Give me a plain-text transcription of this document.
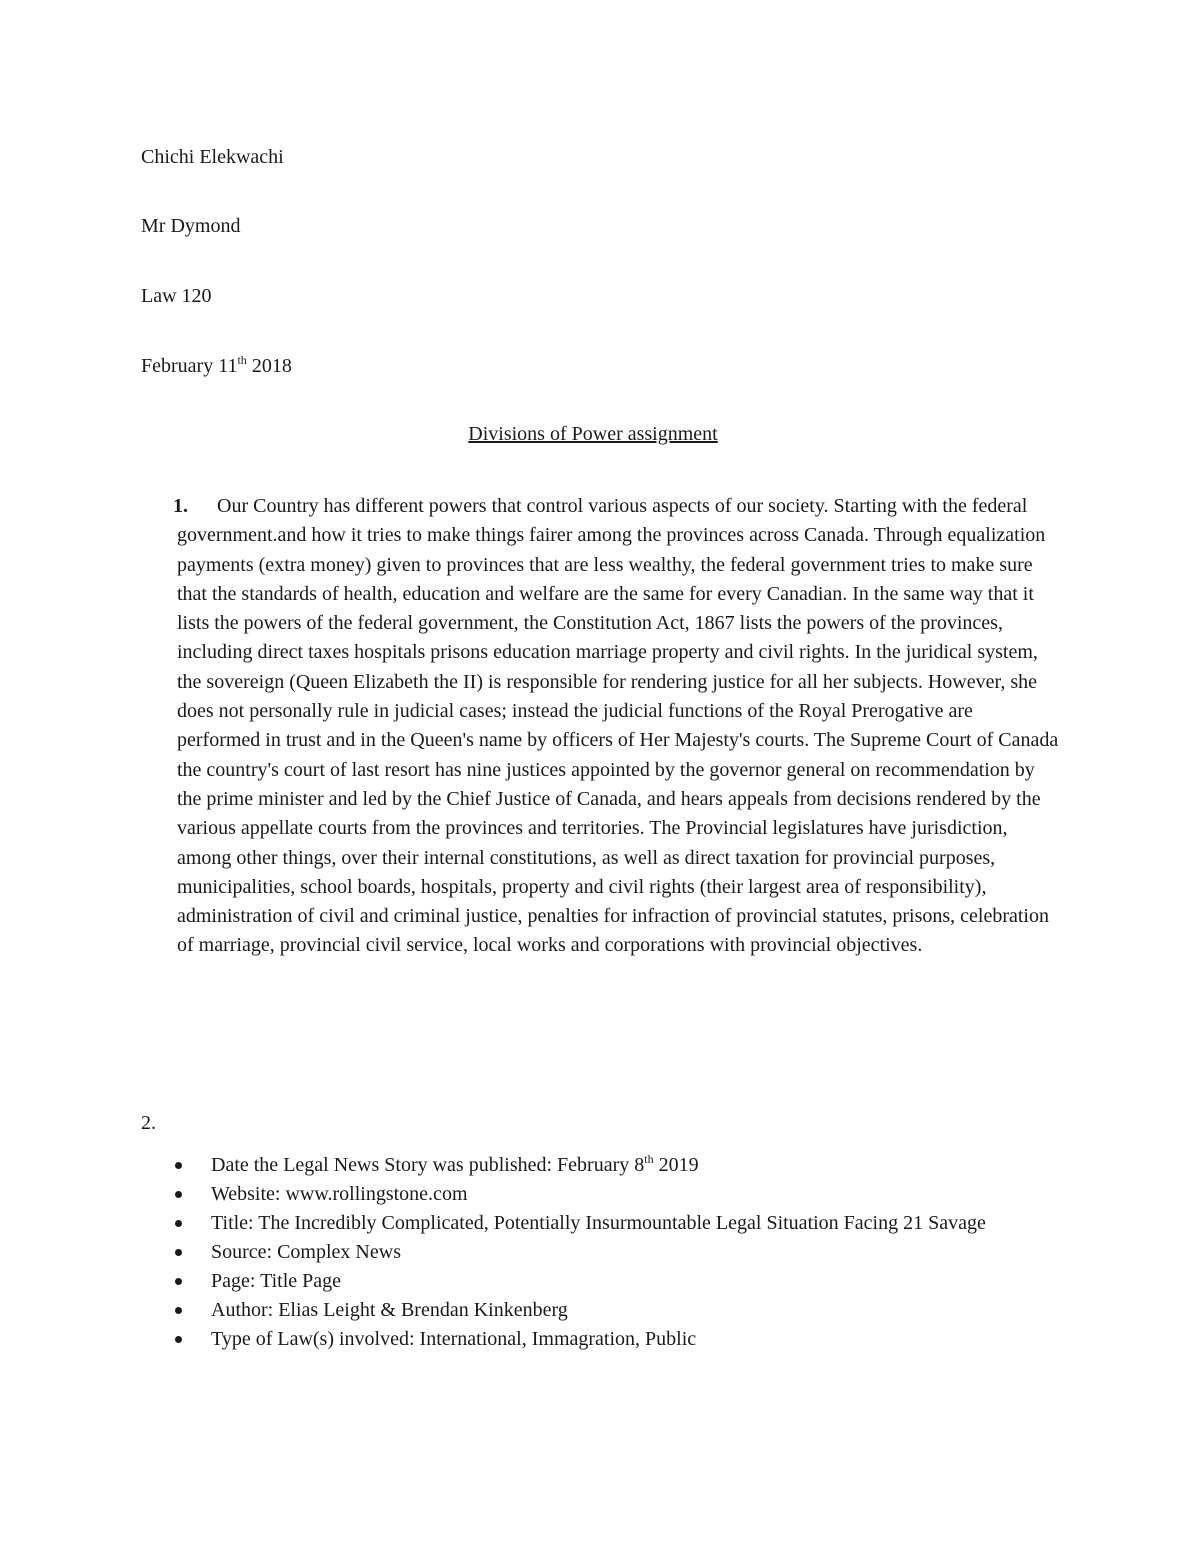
Chichi Elekwachi
Mr Dymond
Law 120
February 11th 2018
Divisions of Power assignment
1.	Our Country has different powers that control various aspects of our society. Starting with the federal government.and how it tries to make things fairer among the provinces across Canada. Through equalization payments (extra money) given to provinces that are less wealthy, the federal government tries to make sure that the standards of health, education and welfare are the same for every Canadian. In the same way that it lists the powers of the federal government, the Constitution Act, 1867 lists the powers of the provinces, including direct taxes hospitals prisons education marriage property and civil rights. In the juridical system, the sovereign (Queen Elizabeth the II) is responsible for rendering justice for all her subjects. However, she does not personally rule in judicial cases; instead the judicial functions of the Royal Prerogative are performed in trust and in the Queen's name by officers of Her Majesty's courts. The Supreme Court of Canada the country's court of last resort has nine justices appointed by the governor general on recommendation by the prime minister and led by the Chief Justice of Canada, and hears appeals from decisions rendered by the various appellate courts from the provinces and territories. The Provincial legislatures have jurisdiction, among other things, over their internal constitutions, as well as direct taxation for provincial purposes, municipalities, school boards, hospitals, property and civil rights (their largest area of responsibility), administration of civil and criminal justice, penalties for infraction of provincial statutes, prisons, celebration of marriage, provincial civil service, local works and corporations with provincial objectives.

2.
Date the Legal News Story was published: February 8th 2019
Website: www.rollingstone.com
Title: The Incredibly Complicated, Potentially Insurmountable Legal Situation Facing 21 Savage
Source: Complex News
Page: Title Page
Author: Elias Leight & Brendan Kinkenberg
Type of Law(s) involved: International, Immagration, Public
